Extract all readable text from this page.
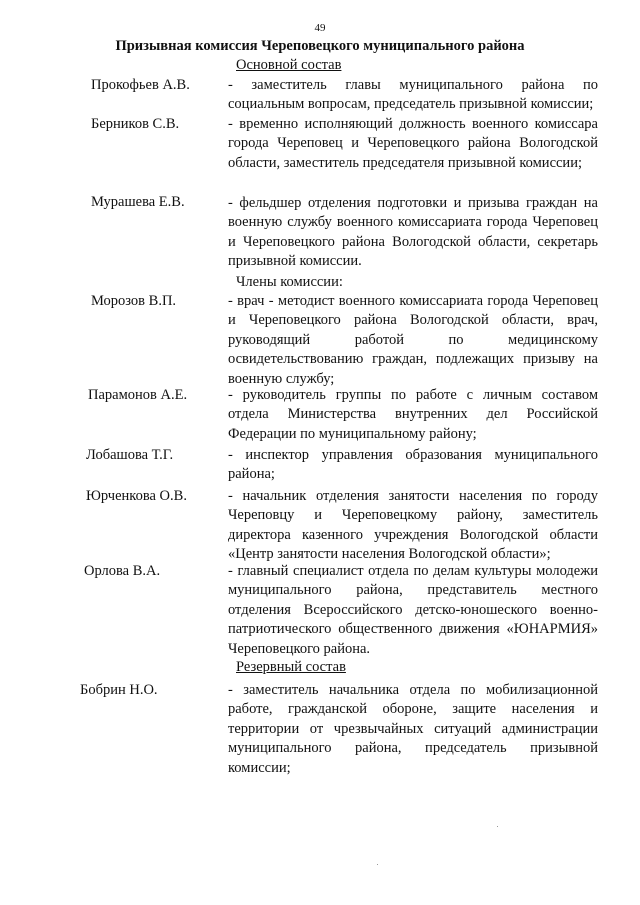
49
Призывная комиссия Череповецкого муниципального района
Основной состав
Прокофьев А.В.	- заместитель главы муниципального района по социальным вопросам, председатель призывной комиссии;
Берников С.В.	- временно исполняющий должность военного комиссара города Череповец и Череповецкого района Вологодской области, заместитель председателя призывной комиссии;
Мурашева Е.В.	- фельдшер отделения подготовки и призыва граждан на военную службу военного комиссариата города Череповец и Череповецкого района Вологодской области, секретарь призывной комиссии.
Члены комиссии:
Морозов В.П.	- врач - методист военного комиссариата города Череповец и Череповецкого района Вологодской области, врач, руководящий работой по медицинскому освидетельствованию граждан, подлежащих призыву на военную службу;
Парамонов А.Е.	- руководитель группы по работе с личным составом отдела Министерства внутренних дел Российской Федерации по муниципальному району;
Лобашова Т.Г.	- инспектор управления образования муниципального района;
Юрченкова О.В.	- начальник отделения занятости населения по городу Череповцу и Череповецкому району, заместитель директора казенного учреждения Вологодской области «Центр занятости населения Вологодской области»;
Орлова В.А.	- главный специалист отдела по делам культуры молодежи муниципального района, представитель местного отделения Всероссийского детско-юношеского военно-патриотического общественного движения «ЮНАРМИЯ» Череповецкого района.
Резервный состав
Бобрин Н.О.	- заместитель начальника отдела по мобилизационной работе, гражданской обороне, защите населения и территории от чрезвычайных ситуаций администрации муниципального района, председатель призывной комиссии;
